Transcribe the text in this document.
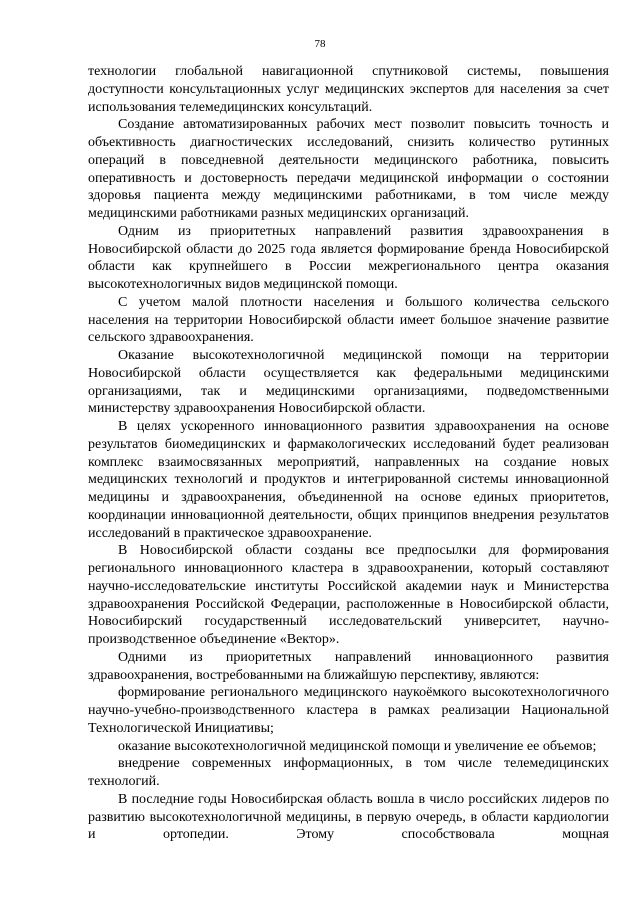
78

технологии глобальной навигационной спутниковой системы, повышения доступности консультационных услуг медицинских экспертов для населения за счет использования телемедицинских консультаций.

Создание автоматизированных рабочих мест позволит повысить точность и объективность диагностических исследований, снизить количество рутинных операций в повседневной деятельности медицинского работника, повысить оперативность и достоверность передачи медицинской информации о состоянии здоровья пациента между медицинскими работниками, в том числе между медицинскими работниками разных медицинских организаций.

Одним из приоритетных направлений развития здравоохранения в Новосибирской области до 2025 года является формирование бренда Новосибирской области как крупнейшего в России межрегионального центра оказания высокотехнологичных видов медицинской помощи.

С учетом малой плотности населения и большого количества сельского населения на территории Новосибирской области имеет большое значение развитие сельского здравоохранения.

Оказание высокотехнологичной медицинской помощи на территории Новосибирской области осуществляется как федеральными медицинскими организациями, так и медицинскими организациями, подведомственными министерству здравоохранения Новосибирской области.

В целях ускоренного инновационного развития здравоохранения на основе результатов биомедицинских и фармакологических исследований будет реализован комплекс взаимосвязанных мероприятий, направленных на создание новых медицинских технологий и продуктов и интегрированной системы инновационной медицины и здравоохранения, объединенной на основе единых приоритетов, координации инновационной деятельности, общих принципов внедрения результатов исследований в практическое здравоохранение.

В Новосибирской области созданы все предпосылки для формирования регионального инновационного кластера в здравоохранении, который составляют научно-исследовательские институты Российской академии наук и Министерства здравоохранения Российской Федерации, расположенные в Новосибирской области, Новосибирский государственный исследовательский университет, научно-производственное объединение «Вектор».

Одними из приоритетных направлений инновационного развития здравоохранения, востребованными на ближайшую перспективу, являются:

формирование регионального медицинского наукоёмкого высокотехнологичного научно-учебно-производственного кластера в рамках реализации Национальной Технологической Инициативы;

оказание высокотехнологичной медицинской помощи и увеличение ее объемов;

внедрение современных информационных, в том числе телемедицинских технологий.

В последние годы Новосибирская область вошла в число российских лидеров по развитию высокотехнологичной медицины, в первую очередь, в области кардиологии и ортопедии. Этому способствовала мощная
